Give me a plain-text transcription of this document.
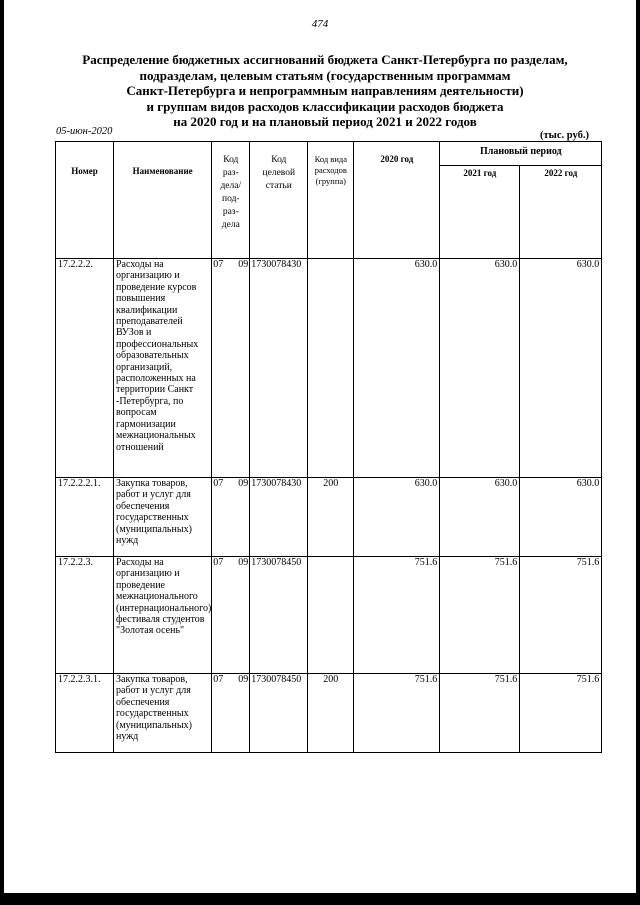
474
Распределение бюджетных ассигнований бюджета Санкт-Петербурга по разделам,
подразделам, целевым статьям (государственным программам
Санкт-Петербурга и непрограммным направлениям деятельности)
и группам видов расходов классификации расходов бюджета
на 2020 год и на плановый период 2021 и 2022 годов
05-июн-2020	(тыс. руб.)
Номер	Наименование	Код раз- дела/ под- раз- дела	Код целевой статьи	Код вида расходов (группа)	2020 год	Плановый период	

						2021 год	2022 год

17.2.2.2.	Расходы на организацию и проведение курсов повышения квалификации преподавателей ВУЗов и профессиональных образовательных организаций, расположенных на территории Санкт -Петербурга, по вопросам гармонизации межнациональных отношений	07 09	1730078430		630.0	630.0	630.0
17.2.2.2.1.	Закупка товаров, работ и услуг для обеспечения государственных (муниципальных) нужд	07 09	1730078430	200	630.0	630.0	630.0
17.2.2.3.	Расходы на организацию и проведение межнационального (интернационального) фестиваля студентов "Золотая осень"	07 09	1730078450		751.6	751.6	751.6
17.2.2.3.1.	Закупка товаров, работ и услуг для обеспечения государственных (муниципальных) нужд	07 09	1730078450	200	751.6	751.6	751.6
